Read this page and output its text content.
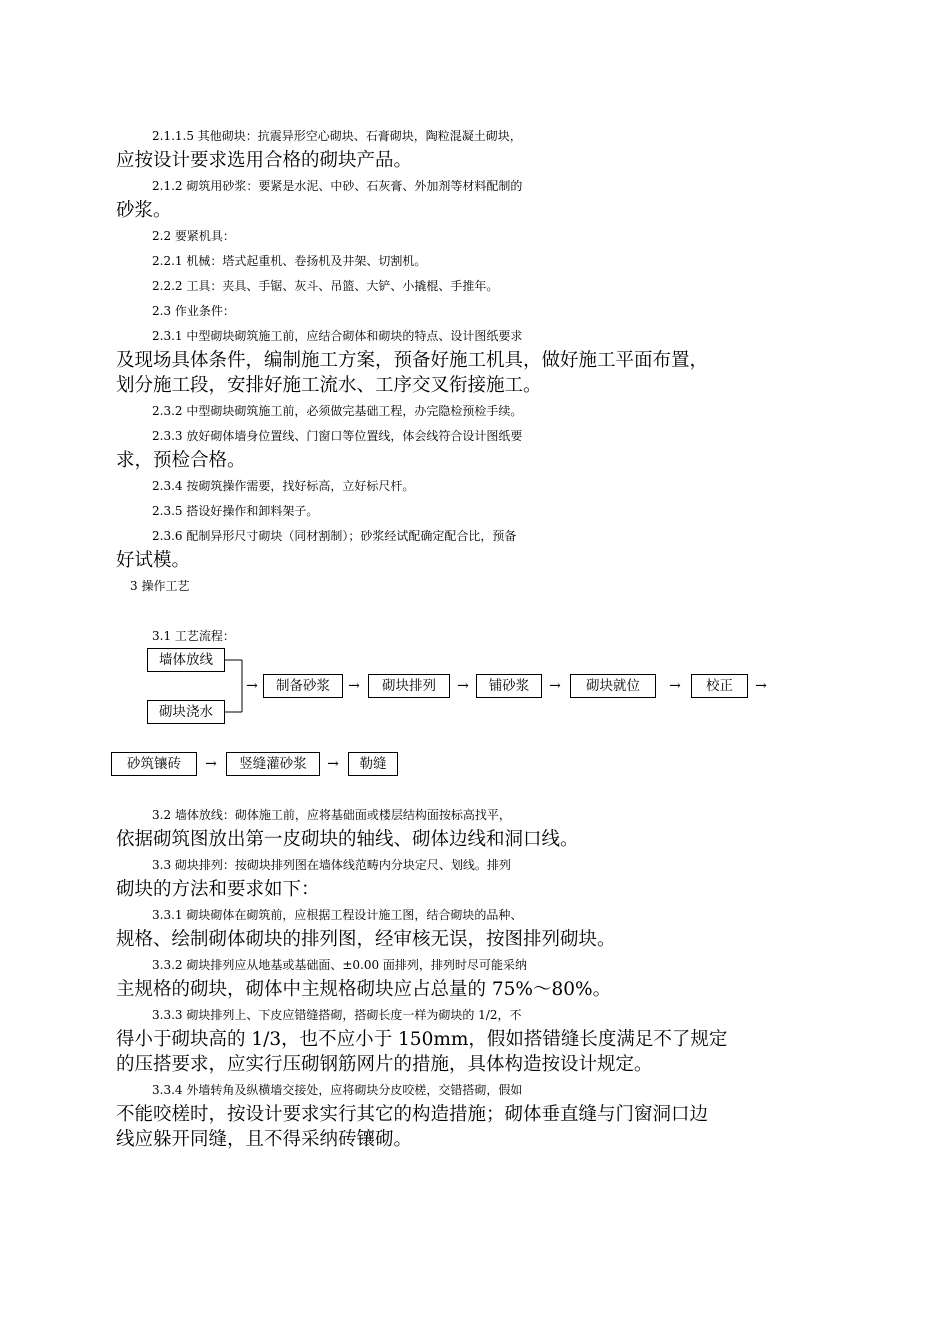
2.1.1.5 其他砌块：抗震异形空心砌块、石膏砌块，陶粒混凝土砌块，
应按设计要求选用合格的砌块产品。
2.1.2 砌筑用砂浆：要紧是水泥、中砂、石灰膏、外加剂等材料配制的
砂浆。
2.2 要紧机具：
2.2.1 机械：塔式起重机、卷扬机及井架、切割机。
2.2.2 工具：夹具、手锯、灰斗、吊篮、大铲、小撬棍、手推年。
2.3 作业条件：
2.3.1 中型砌块砌筑施工前，应结合砌体和砌块的特点、设计图纸要求
及现场具体条件，编制施工方案，预备好施工机具，做好施工平面布置，
划分施工段，安排好施工流水、工序交叉衔接施工。
2.3.2 中型砌块砌筑施工前，必须做完基础工程，办完隐检预检手续。
2.3.3 放好砌体墙身位置线、门窗口等位置线，体会线符合设计图纸要
求，预检合格。
2.3.4 按砌筑操作需要，找好标高，立好标尺杆。
2.3.5 搭设好操作和卸料架子。
2.3.6 配制异形尺寸砌块（同材割制）；砂浆经试配确定配合比，预备
好试模。
3 操作工艺
3.1 工艺流程：
墙体放线
砌块浇水
→	制备砂浆	→	砌块排列	→	铺砂浆	→	砌块就位	→	校正	→
砂筑镶砖	→	竖缝灌砂浆	→	勒缝
3.2 墙体放线：砌体施工前，应将基础面或楼层结构面按标高找平，
依据砌筑图放出第一皮砌块的轴线、砌体边线和洞口线。
3.3 砌块排列：按砌块排列图在墙体线范畴内分块定尺、划线。排列
砌块的方法和要求如下：
3.3.1 砌块砌体在砌筑前，应根据工程设计施工图，结合砌块的品种、
规格、绘制砌体砌块的排列图，经审核无误，按图排列砌块。
3.3.2 砌块排列应从地基或基础面、±0.00 面排列，排列时尽可能采纳
主规格的砌块，砌体中主规格砌块应占总量的 75%～80%。
3.3.3 砌块排列上、下皮应错缝搭砌，搭砌长度一样为砌块的 1/2，不
得小于砌块高的 1/3，也不应小于 150mm，假如搭错缝长度满足不了规定
的压搭要求，应实行压砌钢筋网片的措施，具体构造按设计规定。
3.3.4 外墙转角及纵横墙交接处，应将砌块分皮咬槎，交错搭砌，假如
不能咬槎时，按设计要求实行其它的构造措施；砌体垂直缝与门窗洞口边
线应躲开同缝，且不得采纳砖镶砌。
